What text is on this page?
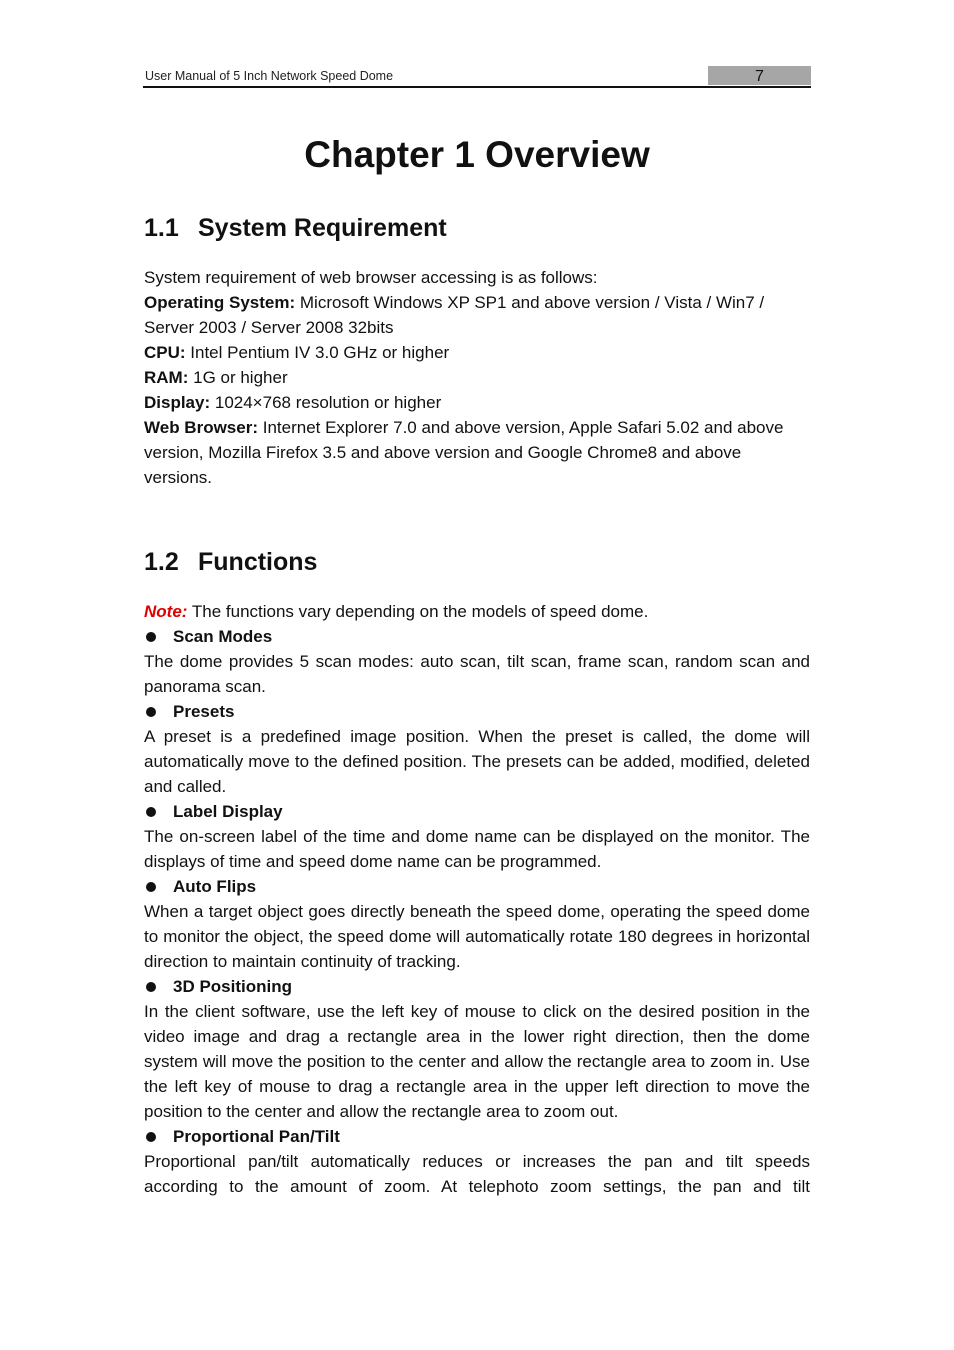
User Manual of 5 Inch Network Speed Dome	7
Chapter 1 Overview
1.1 System Requirement

System requirement of web browser accessing is as follows:

Operating System: Microsoft Windows XP SP1 and above version / Vista / Win7 /

Server 2003 / Server 2008 32bits

CPU: Intel Pentium IV 3.0 GHz or higher

RAM: 1G or higher

Display: 1024×768 resolution or higher

Web Browser: Internet Explorer 7.0 and above version, Apple Safari 5.02 and above

version, Mozilla Firefox 3.5 and above version and Google Chrome8 and above

versions.

1.2 Functions

Note: The functions vary depending on the models of speed dome.

Scan Modes

The dome provides 5 scan modes: auto scan, tilt scan, frame scan, random scan and panorama scan.

Presets

A preset is a predefined image position. When the preset is called, the dome will automatically move to the defined position. The presets can be added, modified, deleted and called.

Label Display

The on-screen label of the time and dome name can be displayed on the monitor. The displays of time and speed dome name can be programmed.

Auto Flips

When a target object goes directly beneath the speed dome, operating the speed dome to monitor the object, the speed dome will automatically rotate 180 degrees in horizontal direction to maintain continuity of tracking.

3D Positioning

In the client software, use the left key of mouse to click on the desired position in the video image and drag a rectangle area in the lower right direction, then the dome system will move the position to the center and allow the rectangle area to zoom in. Use the left key of mouse to drag a rectangle area in the upper left direction to move the position to the center and allow the rectangle area to zoom out.

Proportional Pan/Tilt

Proportional pan/tilt automatically reduces or increases the pan and tilt speeds according to the amount of zoom. At telephoto zoom settings, the pan and tilt
